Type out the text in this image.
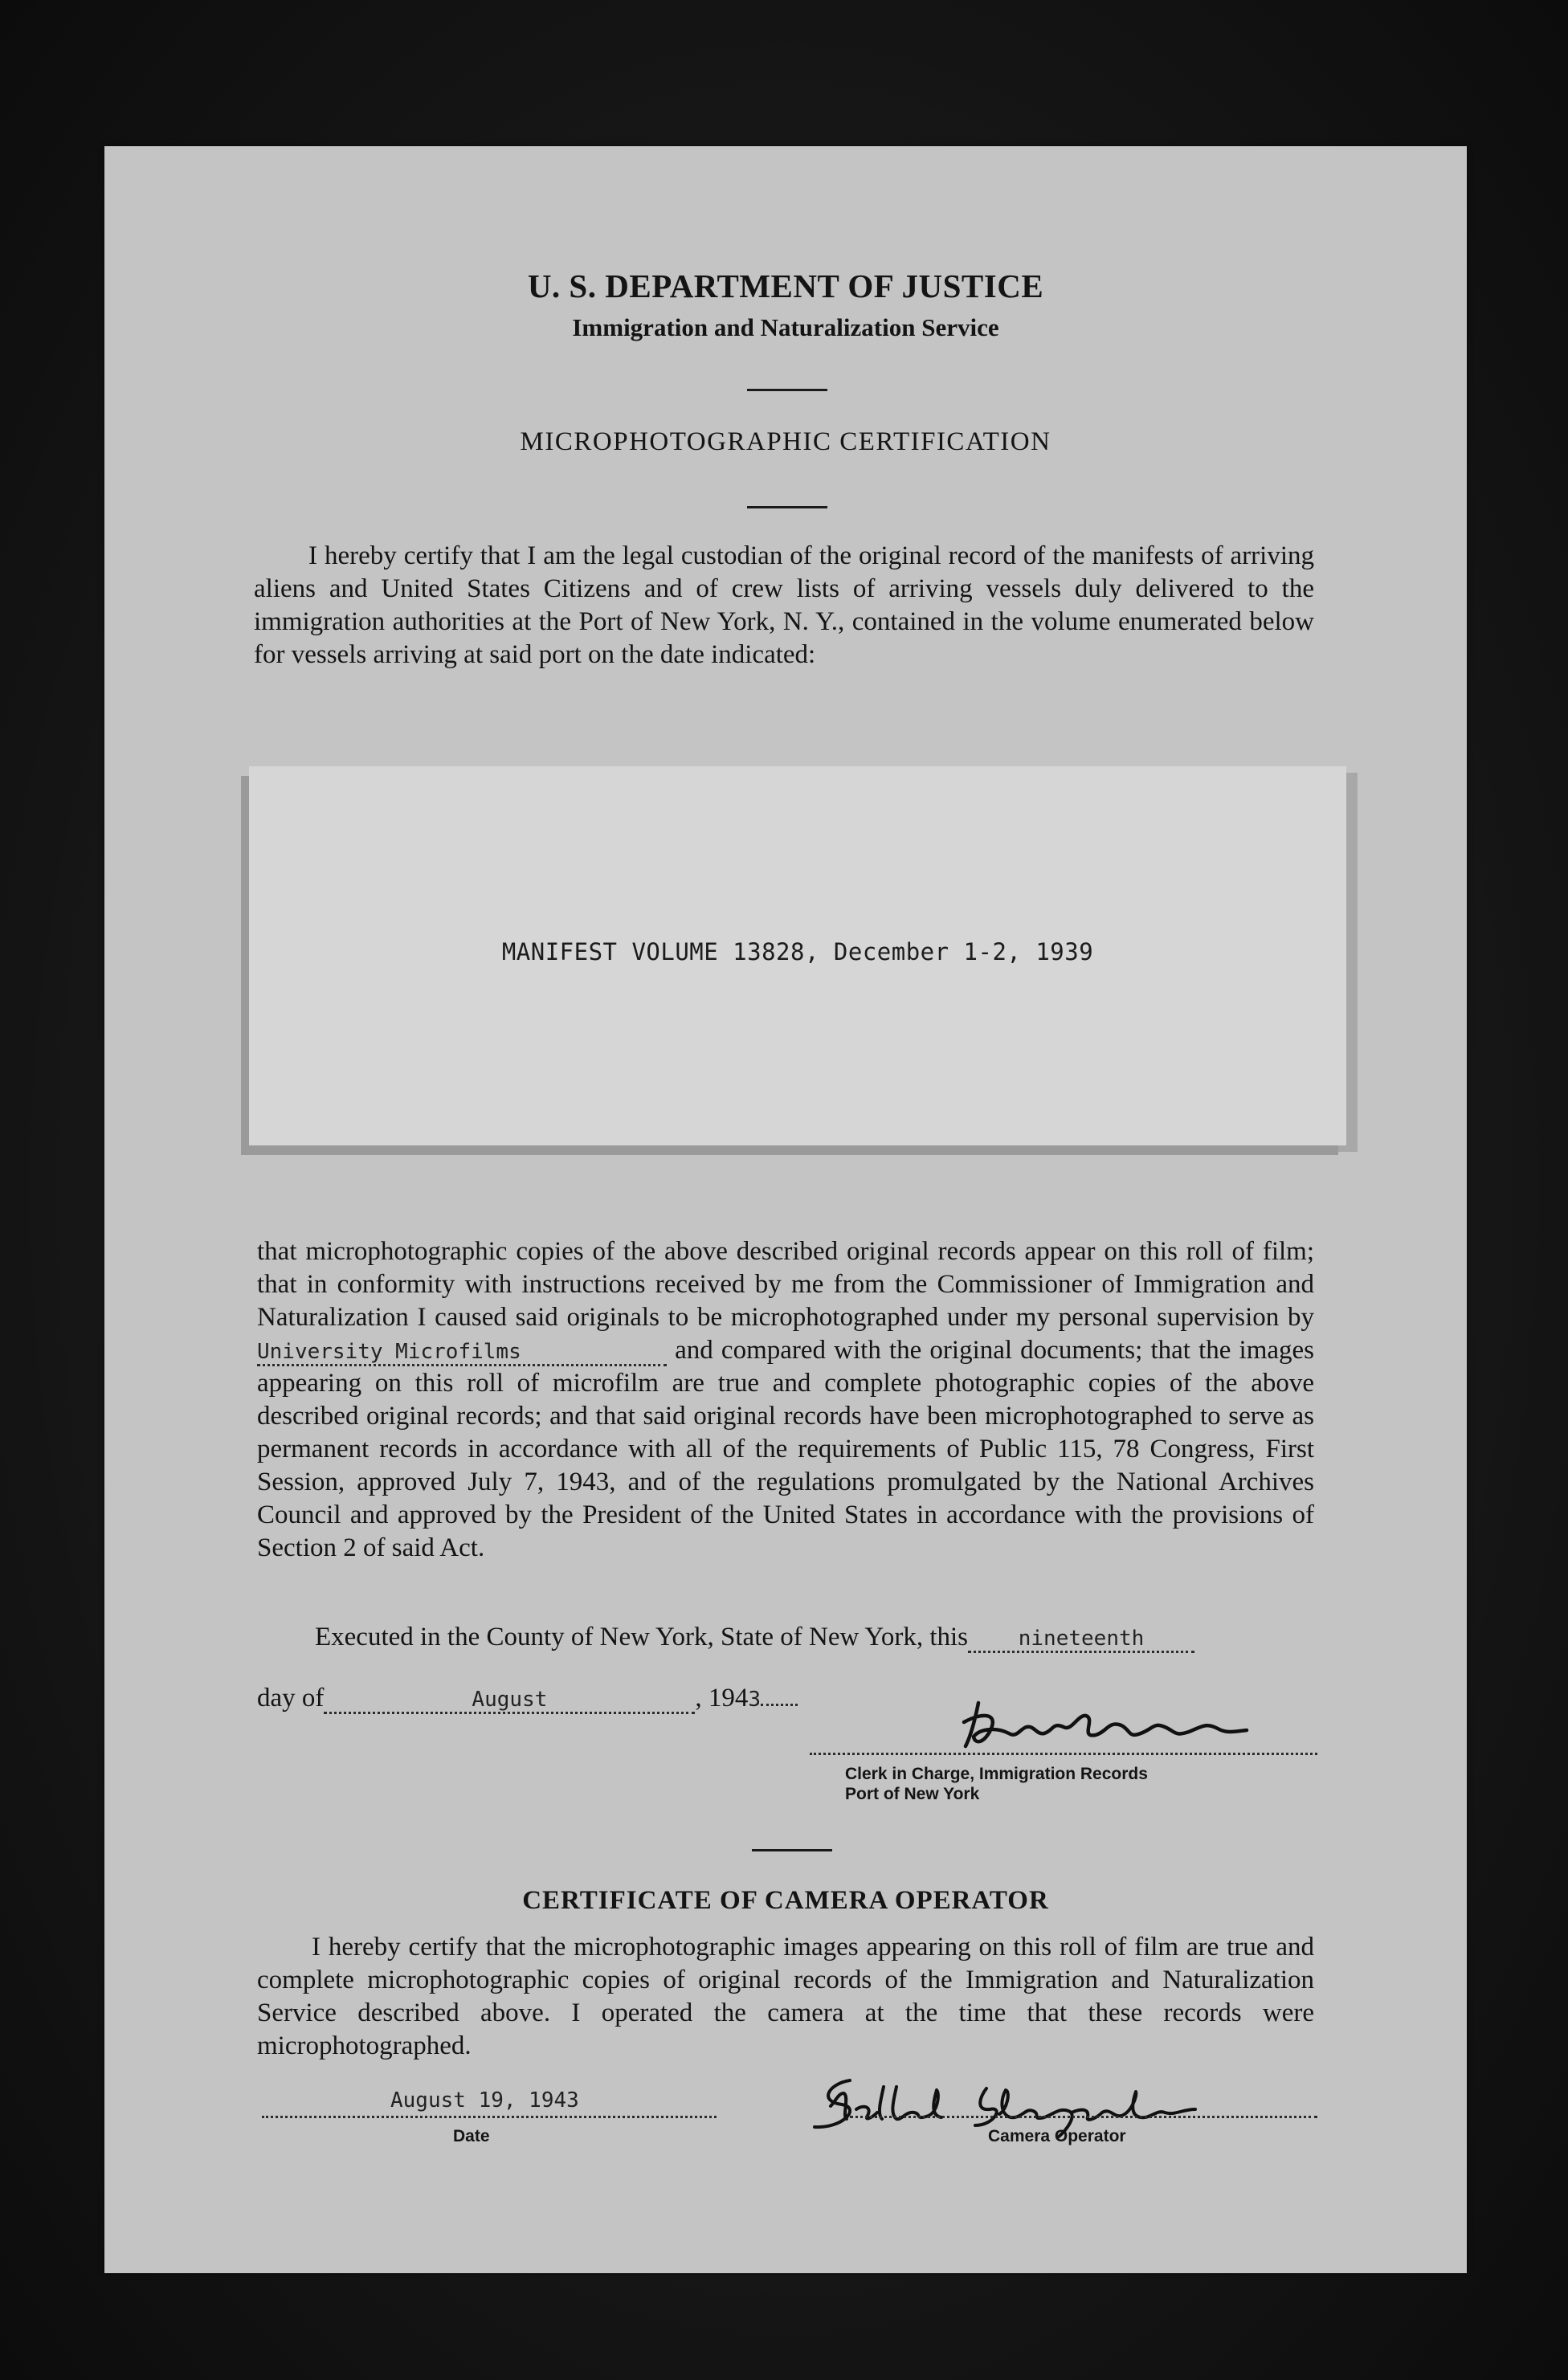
U. S. DEPARTMENT OF JUSTICE
Immigration and Naturalization Service
MICROPHOTOGRAPHIC CERTIFICATION

I hereby certify that I am the legal custodian of the original record of the manifests of arriving aliens and United States Citizens and of crew lists of arriving vessels duly delivered to the immigration authorities at the Port of New York, N. Y., contained in the volume enumerated below for vessels arriving at said port on the date indicated:

MANIFEST VOLUME 13828, December 1-2, 1939

that microphotographic copies of the above described original records appear on this roll of film; that in conformity with instructions received by me from the Commissioner of Immigration and Naturalization I caused said originals to be microphotographed under my personal supervision by University Microfilms	and compared with the original documents; that the images appearing on this roll of microfilm are true and complete photographic copies of the above described original records; and that said original records have been microphotographed to serve as permanent records in accordance with all of the requirements of Public 115, 78 Congress, First Session, approved July 7, 1943, and of the regulations promulgated by the National Archives Council and approved by the President of the United States in accordance with the provisions of Section 2 of said Act.

Executed in the County of New York, State of New York, this nineteenth
day of	August	, 1943
Clerk in Charge, Immigration Records
Port of New York
CERTIFICATE OF CAMERA OPERATOR

I hereby certify that the microphotographic images appearing on this roll of film are true and complete microphotographic copies of original records of the Immigration and Naturalization Service described above. I operated the camera at the time that these records were microphotographed.

August 19, 1943
Date	Camera Operator
